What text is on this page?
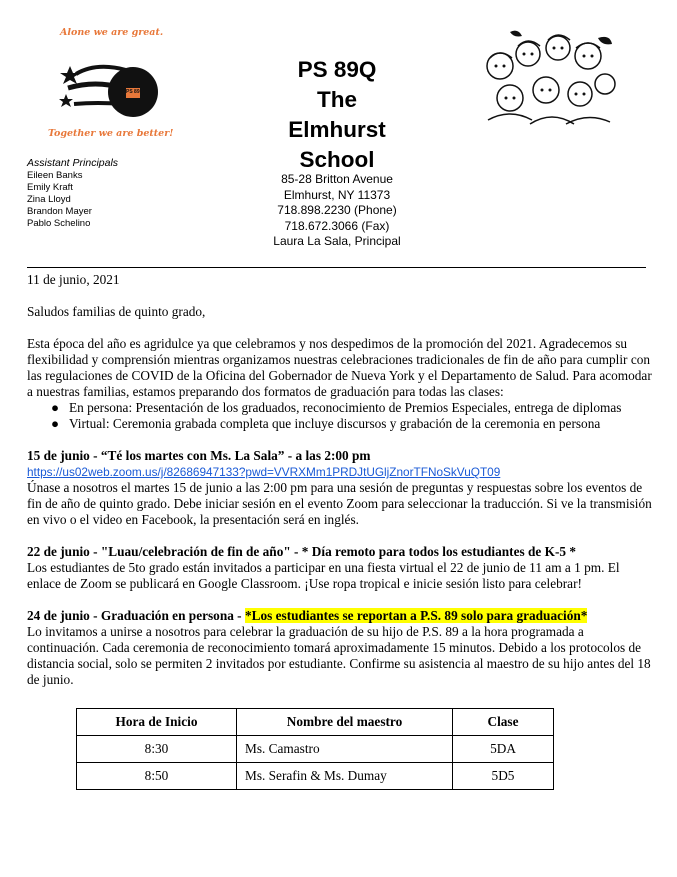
Alone we are great.
Together we are better!
Assistant Principals
Eileen Banks
Emily Kraft
Zina Lloyd
Brandon Mayer
Pablo Schelino
PS 89Q
The
Elmhurst
School
85-28 Britton Avenue
Elmhurst, NY 11373
718.898.2230 (Phone)
718.672.3066 (Fax)
Laura La Sala, Principal

11 de junio, 2021

Saludos familias de quinto grado,

Esta época del año es agridulce ya que celebramos y nos despedimos de la promoción del 2021. Agradecemos su flexibilidad y comprensión mientras organizamos nuestras celebraciones tradicionales de fin de año para cumplir con las regulaciones de COVID de la Oficina del Gobernador de Nueva York y el Departamento de Salud. Para acomodar a nuestras familias, estamos preparando dos formatos de graduación para todas las clases:

● En persona: Presentación de los graduados, reconocimiento de Premios Especiales, entrega de diplomas
● Virtual: Ceremonia grabada completa que incluye discursos y grabación de la ceremonia en persona

15 de junio - “Té los martes con Ms. La Sala” - a las 2:00 pm

https://us02web.zoom.us/j/82686947133?pwd=VVRXMm1PRDJtUGljZnorTFNoSkVuQT09

Únase a nosotros el martes 15 de junio a las 2:00 pm para una sesión de preguntas y respuestas sobre los eventos de fin de año de quinto grado. Debe iniciar sesión en el evento Zoom para seleccionar la traducción. Si ve la transmisión en vivo o el video en Facebook, la presentación será en inglés.

22 de junio - "Luau/celebración de fin de año" - * Día remoto para todos los estudiantes de K-5 *

Los estudiantes de 5to grado están invitados a participar en una fiesta virtual el 22 de junio de 11 am a 1 pm. El enlace de Zoom se publicará en Google Classroom. ¡Use ropa tropical e inicie sesión listo para celebrar!

24 de junio - Graduación en persona - *Los estudiantes se reportan a P.S. 89 solo para graduación*

Lo invitamos a unirse a nosotros para celebrar la graduación de su hijo de P.S. 89 a la hora programada a continuación. Cada ceremonia de reconocimiento tomará aproximadamente 15 minutos. Debido a los protocolos de distancia social, solo se permiten 2 invitados por estudiante. Confirme su asistencia al maestro de su hijo antes del 18 de junio.

Hora de Inicio	Nombre del maestro	Clase
8:30	Ms. Camastro	5DA
8:50	Ms. Serafin & Ms. Dumay	5D5
PS 89
